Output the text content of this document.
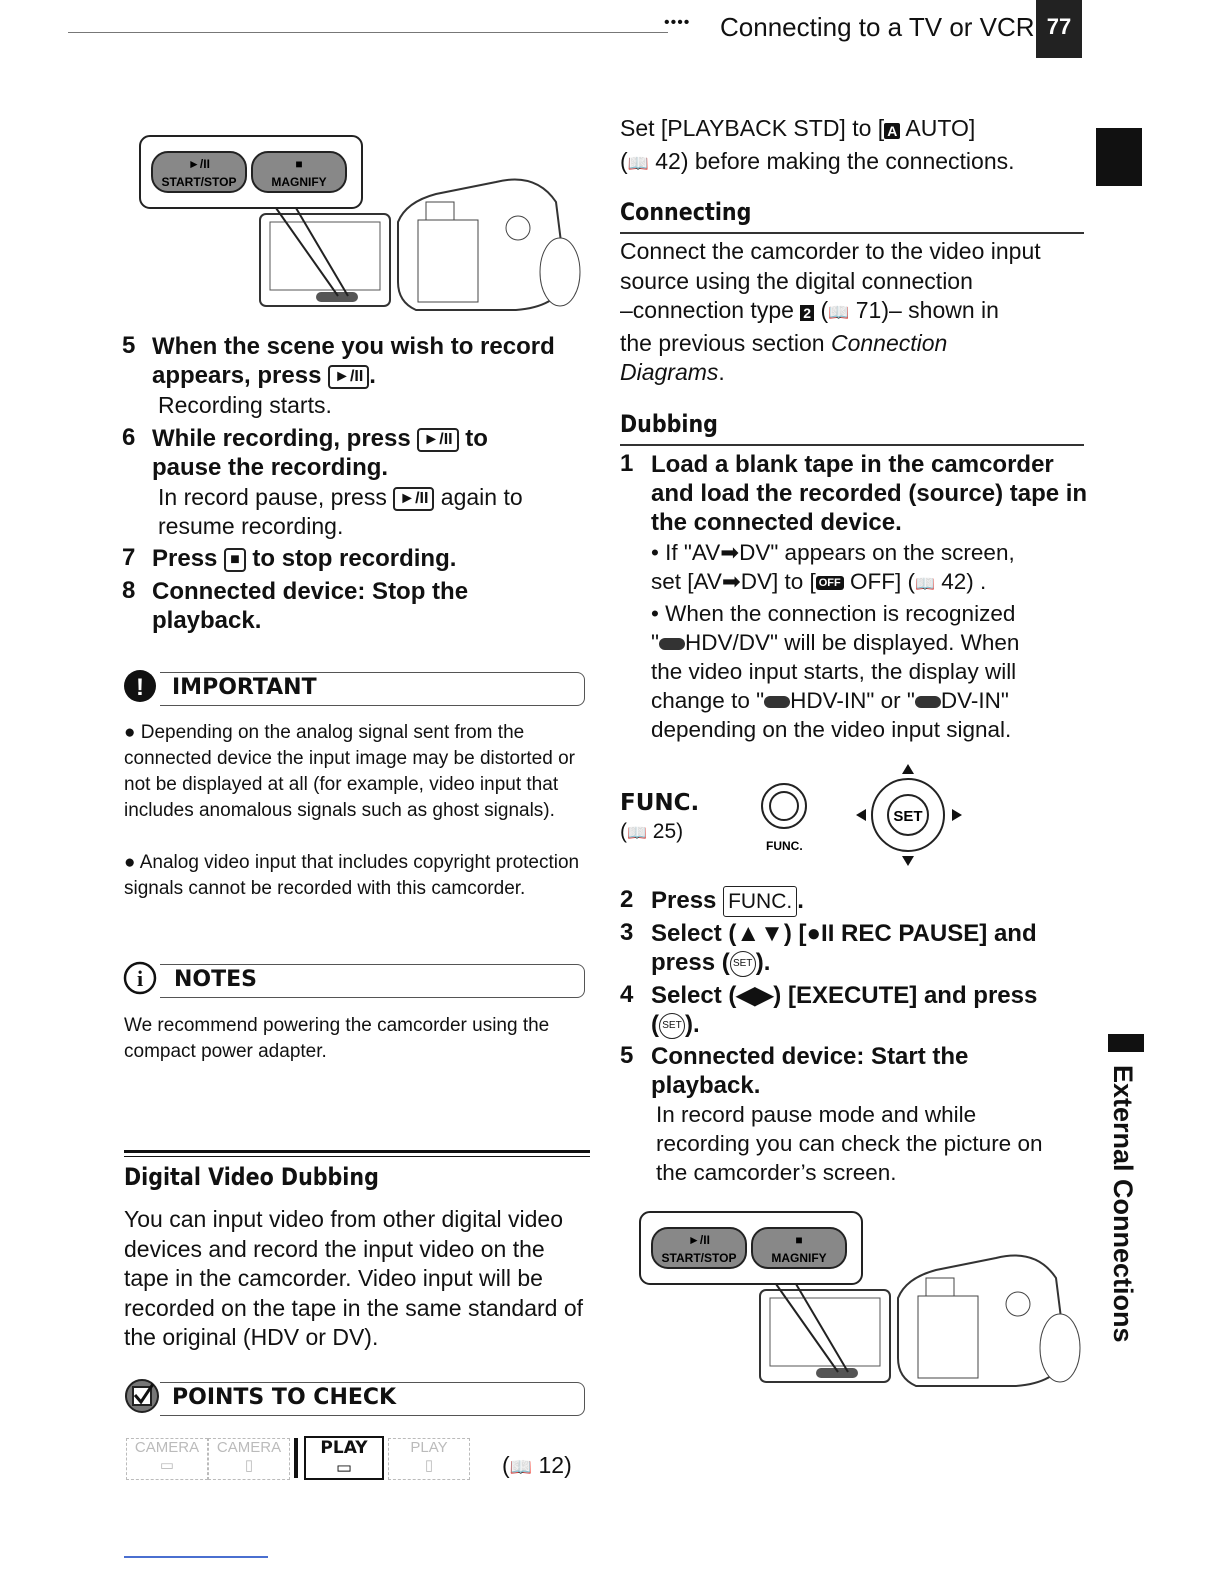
•••• Connecting to a TV or VCR 77
External Connections
►/II
START/STOP
■
MAGNIFY
5 When the scene you wish to record appears, press ►/II .
Recording starts.
6 While recording, press ►/II to pause the recording.
In record pause, press ►/II again to resume recording.
7 Press ■ to stop recording.
8 Connected device: Stop the playback.
! IMPORTANT
● Depending on the analog signal sent from the connected device the input image may be distorted or not be displayed at all (for example, video input that includes anomalous signals such as ghost signals).
● Analog video input that includes copyright protection signals cannot be recorded with this camcorder.
i NOTES
We recommend powering the camcorder using the compact power adapter.
Digital Video Dubbing
You can input video from other digital video devices and record the input video on the tape in the camcorder. Video input will be recorded on the tape in the same standard of the original (HDV or DV).
POINTS TO CHECK
CAMERA
▭
CAMERA
▯
PLAY
▭
PLAY
▯	(📖 12)
Set [PLAYBACK STD] to [ A AUTO]
(📖 42) before making the connections.
Connecting
Connect the camcorder to the video input
source using the digital connection
–connection type 2 (📖 71)– shown in
the previous section Connection
Diagrams.
Dubbing
1 Load a blank tape in the camcorder and load the recorded (source) tape in the connected device.
• If "AV➡DV" appears on the screen,
set [AV➡DV] to [ OFF OFF] (📖 42) .
• When the connection is recognized
" HDV/DV" will be displayed. When
the video input starts, the display will
change to " HDV-IN" or " DV-IN"
depending on the video input signal.
FUNC.
(📖 25)
FUNC.
SET
2 Press FUNC. .
3 Select (▲▼) [●II REC PAUSE] and
press ( SET ).
4 Select (◀▶) [EXECUTE] and press
( SET ).
5 Connected device: Start the
playback.
In record pause mode and while
recording you can check the picture on
the camcorder’s screen.
►/II
START/STOP
■
MAGNIFY
